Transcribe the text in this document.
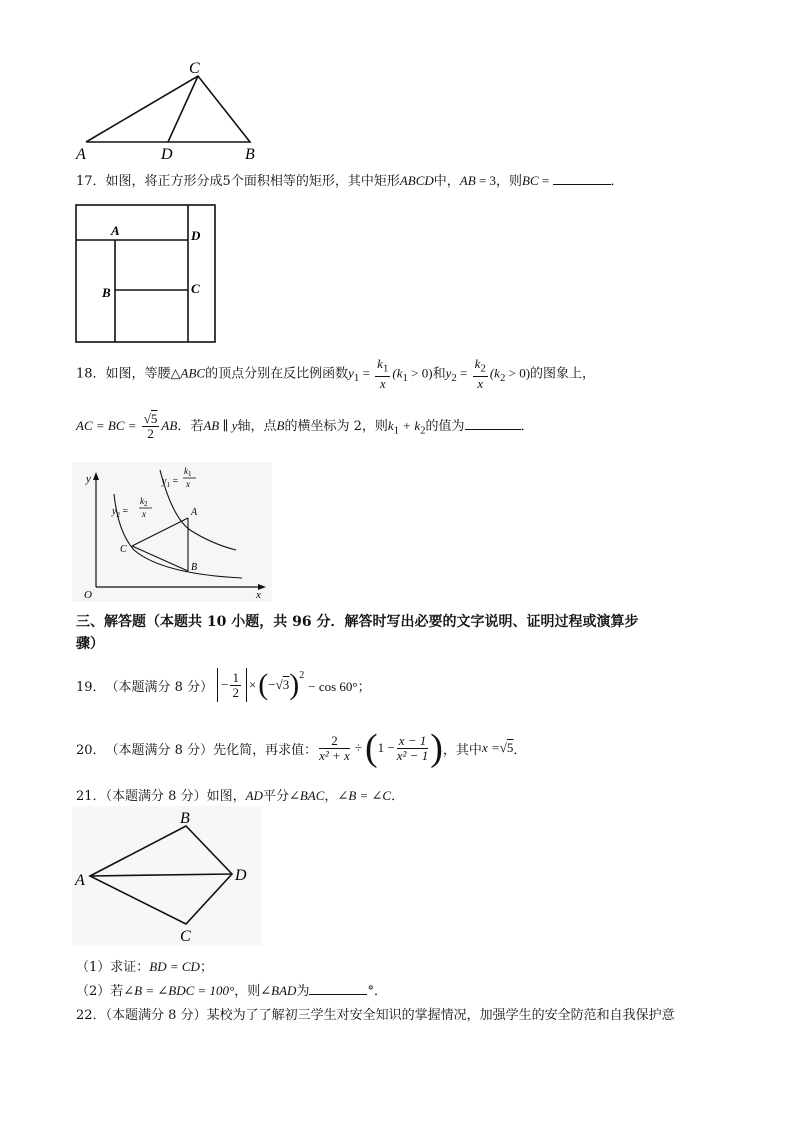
C
A	D	B
17．如图，将正方形分成5个面积相等的矩形，其中矩形ABCD中，AB = 3，则BC =	．
A	D
B	C
18．如图，等腰△ABC的顶点分别在反比例函数$y_1 = \frac{k_1}{x} (k_1 > 0)$和$y_2 = \frac{k_2}{x} (k_2 > 0)$的图象上，
AC = BC = $\frac{√5}{2}$ AB．若AB ∥ y轴，点B的横坐标为 2，则$k_1 + k_2$的值为	．
y
x
O
A
B
C
$y_1$ =
$k_1$
x
$y_2$ =
$k_2$
x
三、解答题（本题共 10 小题，共 96 分．解答时写出必要的文字说明、证明过程或演算步
骤）
19． （本题满分 8 分） − $\frac{1}{2}$ × ( − √ 3 )$^2$
− cos 60°；
20． （本题满分 8 分） 先化简，再求值： $\frac{2}{\text{x² + x}}$ ÷ ( $1 - \frac{x - 1}{\text{x² − 1}}$ ) ，其中 x = √ 5 ．
21．（本题满分 8 分）如图，AD平分∠BAC，∠B = ∠C．
B
A	D
C
（1）求证：BD = CD；
（2）若∠B = ∠BDC = 100°，则∠BAD为	°．
22．（本题满分 8 分）某校为了了解初三学生对安全知识的掌握情况，加强学生的安全防范和自我保护意
